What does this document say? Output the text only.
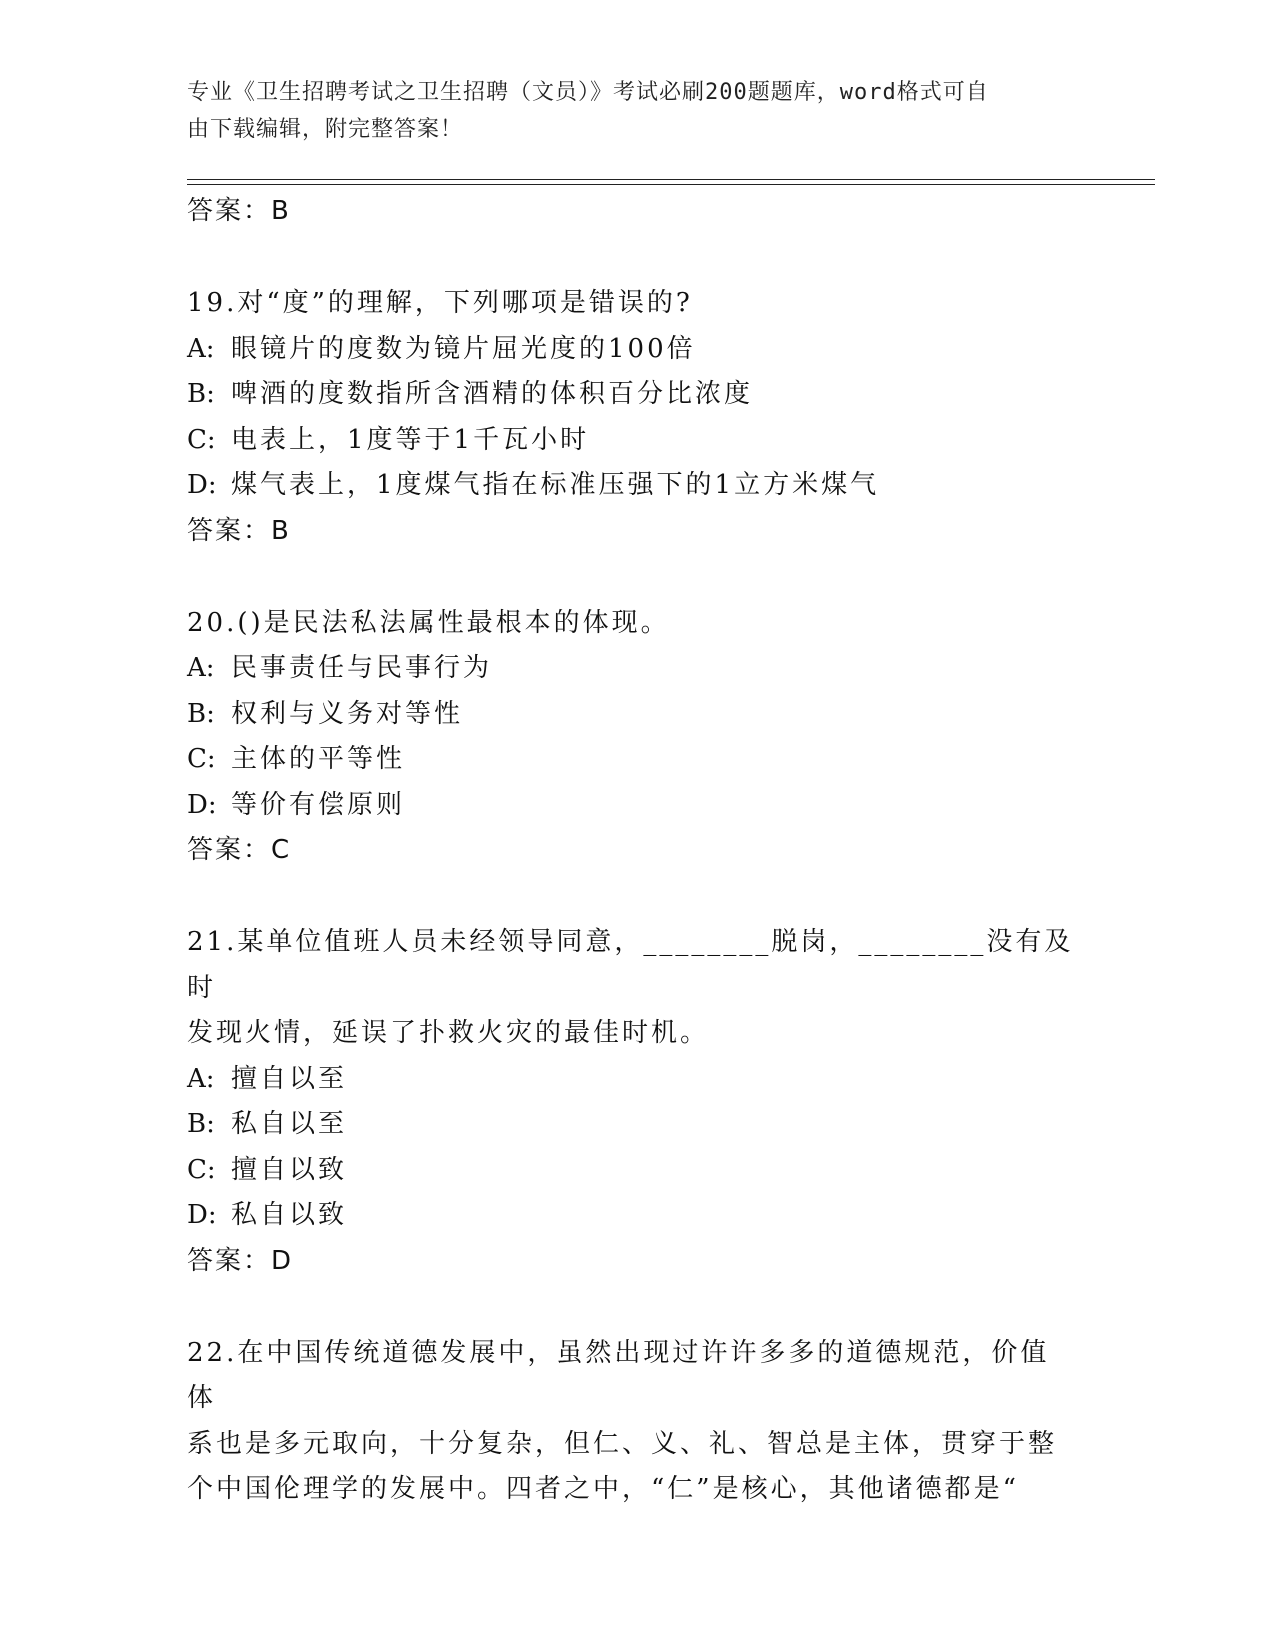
专业《卫生招聘考试之卫生招聘（文员）》考试必刷200题题库，word格式可自
由下载编辑，附完整答案！
答案：B
19.对“度”的理解，下列哪项是错误的?
A: 眼镜片的度数为镜片屈光度的100倍
B: 啤酒的度数指所含酒精的体积百分比浓度
C: 电表上，1度等于1千瓦小时
D: 煤气表上，1度煤气指在标准压强下的1立方米煤气
答案：B
20.()是民法私法属性最根本的体现。
A: 民事责任与民事行为
B: 权利与义务对等性
C: 主体的平等性
D: 等价有偿原则
答案：C
21.某单位值班人员未经领导同意，________脱岗，________没有及时
发现火情，延误了扑救火灾的最佳时机。
A: 擅自以至
B: 私自以至
C: 擅自以致
D: 私自以致
答案：D
22.在中国传统道德发展中，虽然出现过许许多多的道德规范，价值体
系也是多元取向，十分复杂，但仁、义、礼、智总是主体，贯穿于整
个中国伦理学的发展中。四者之中，“仁”是核心，其他诸德都是“
